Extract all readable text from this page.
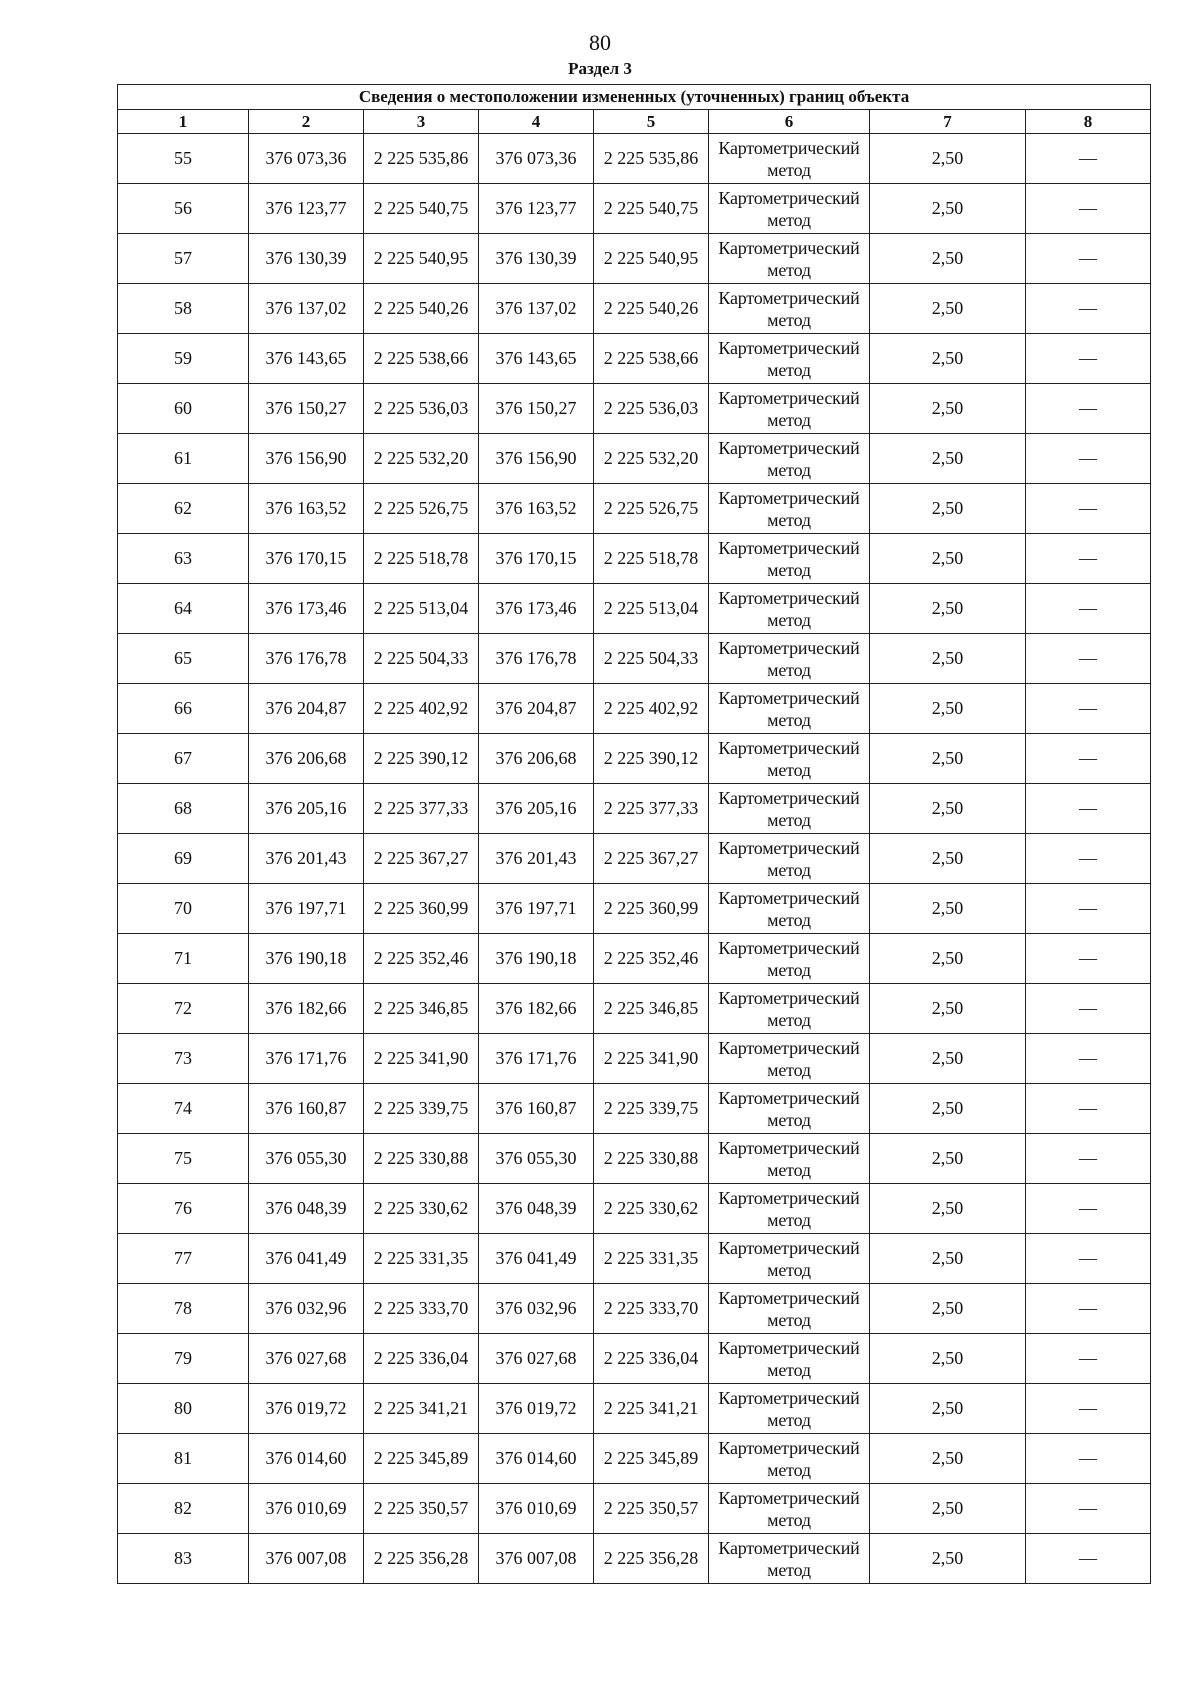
80
Раздел 3
Сведения о местоположении измененных (уточненных) границ объекта							
1	2	3	4	5	6	7	8
55	376 073,36	2 225 535,86	376 073,36	2 225 535,86	Картометрический метод	2,50	—
56	376 123,77	2 225 540,75	376 123,77	2 225 540,75	Картометрический метод	2,50	—
57	376 130,39	2 225 540,95	376 130,39	2 225 540,95	Картометрический метод	2,50	—
58	376 137,02	2 225 540,26	376 137,02	2 225 540,26	Картометрический метод	2,50	—
59	376 143,65	2 225 538,66	376 143,65	2 225 538,66	Картометрический метод	2,50	—
60	376 150,27	2 225 536,03	376 150,27	2 225 536,03	Картометрический метод	2,50	—
61	376 156,90	2 225 532,20	376 156,90	2 225 532,20	Картометрический метод	2,50	—
62	376 163,52	2 225 526,75	376 163,52	2 225 526,75	Картометрический метод	2,50	—
63	376 170,15	2 225 518,78	376 170,15	2 225 518,78	Картометрический метод	2,50	—
64	376 173,46	2 225 513,04	376 173,46	2 225 513,04	Картометрический метод	2,50	—
65	376 176,78	2 225 504,33	376 176,78	2 225 504,33	Картометрический метод	2,50	—
66	376 204,87	2 225 402,92	376 204,87	2 225 402,92	Картометрический метод	2,50	—
67	376 206,68	2 225 390,12	376 206,68	2 225 390,12	Картометрический метод	2,50	—
68	376 205,16	2 225 377,33	376 205,16	2 225 377,33	Картометрический метод	2,50	—
69	376 201,43	2 225 367,27	376 201,43	2 225 367,27	Картометрический метод	2,50	—
70	376 197,71	2 225 360,99	376 197,71	2 225 360,99	Картометрический метод	2,50	—
71	376 190,18	2 225 352,46	376 190,18	2 225 352,46	Картометрический метод	2,50	—
72	376 182,66	2 225 346,85	376 182,66	2 225 346,85	Картометрический метод	2,50	—
73	376 171,76	2 225 341,90	376 171,76	2 225 341,90	Картометрический метод	2,50	—
74	376 160,87	2 225 339,75	376 160,87	2 225 339,75	Картометрический метод	2,50	—
75	376 055,30	2 225 330,88	376 055,30	2 225 330,88	Картометрический метод	2,50	—
76	376 048,39	2 225 330,62	376 048,39	2 225 330,62	Картометрический метод	2,50	—
77	376 041,49	2 225 331,35	376 041,49	2 225 331,35	Картометрический метод	2,50	—
78	376 032,96	2 225 333,70	376 032,96	2 225 333,70	Картометрический метод	2,50	—
79	376 027,68	2 225 336,04	376 027,68	2 225 336,04	Картометрический метод	2,50	—
80	376 019,72	2 225 341,21	376 019,72	2 225 341,21	Картометрический метод	2,50	—
81	376 014,60	2 225 345,89	376 014,60	2 225 345,89	Картометрический метод	2,50	—
82	376 010,69	2 225 350,57	376 010,69	2 225 350,57	Картометрический метод	2,50	—
83	376 007,08	2 225 356,28	376 007,08	2 225 356,28	Картометрический метод	2,50	—
